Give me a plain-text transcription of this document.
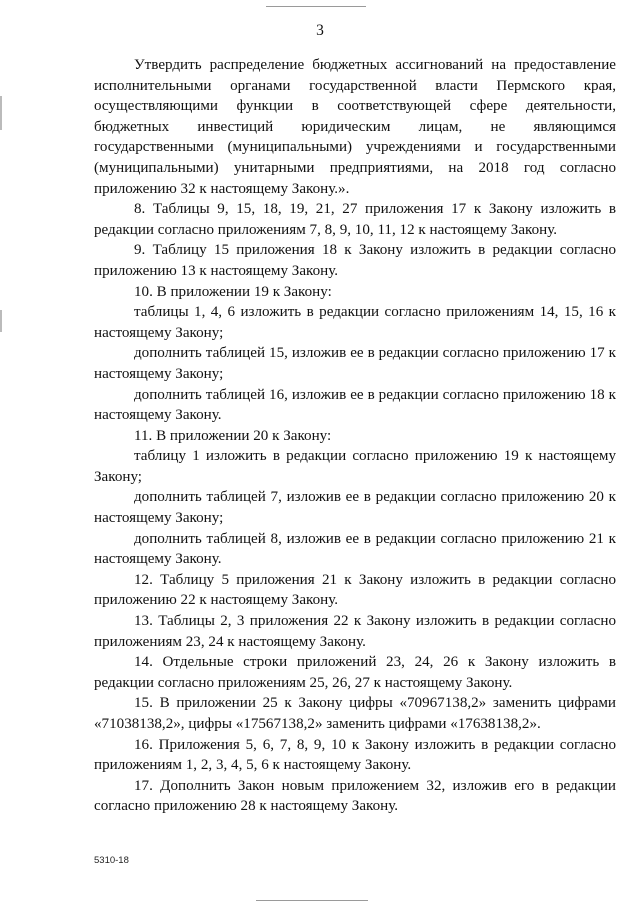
3

Утвердить распределение бюджетных ассигнований на предоставление исполнительными органами государственной власти Пермского края, осуществляющими функции в соответствующей сфере деятельности, бюджетных инвестиций юридическим лицам, не являющимся государственными (муниципальными) учреждениями и государственными (муниципальными) унитарными предприятиями, на 2018 год согласно приложению 32 к настоящему Закону.».

8. Таблицы 9, 15, 18, 19, 21, 27 приложения 17 к Закону изложить в редакции согласно приложениям 7, 8, 9, 10, 11, 12 к настоящему Закону.

9. Таблицу 15 приложения 18 к Закону изложить в редакции согласно приложению 13 к настоящему Закону.

10. В приложении 19 к Закону:

таблицы 1, 4, 6 изложить в редакции согласно приложениям 14, 15, 16 к настоящему Закону;

дополнить таблицей 15, изложив ее в редакции согласно приложению 17 к настоящему Закону;

дополнить таблицей 16, изложив ее в редакции согласно приложению 18 к настоящему Закону.

11. В приложении 20 к Закону:

таблицу 1 изложить в редакции согласно приложению 19 к настоящему Закону;

дополнить таблицей 7, изложив ее в редакции согласно приложению 20 к настоящему Закону;

дополнить таблицей 8, изложив ее в редакции согласно приложению 21 к настоящему Закону.

12. Таблицу 5 приложения 21 к Закону изложить в редакции согласно приложению 22 к настоящему Закону.

13. Таблицы 2, 3 приложения 22 к Закону изложить в редакции согласно приложениям 23, 24 к настоящему Закону.

14. Отдельные строки приложений 23, 24, 26 к Закону изложить в редакции согласно приложениям 25, 26, 27 к настоящему Закону.

15. В приложении 25 к Закону цифры «70967138,2» заменить цифрами «71038138,2», цифры «17567138,2» заменить цифрами «17638138,2».

16. Приложения 5, 6, 7, 8, 9, 10 к Закону изложить в редакции согласно приложениям 1, 2, 3, 4, 5, 6 к настоящему Закону.

17. Дополнить Закон новым приложением 32, изложив его в редакции согласно приложению 28 к настоящему Закону.

5310-18
